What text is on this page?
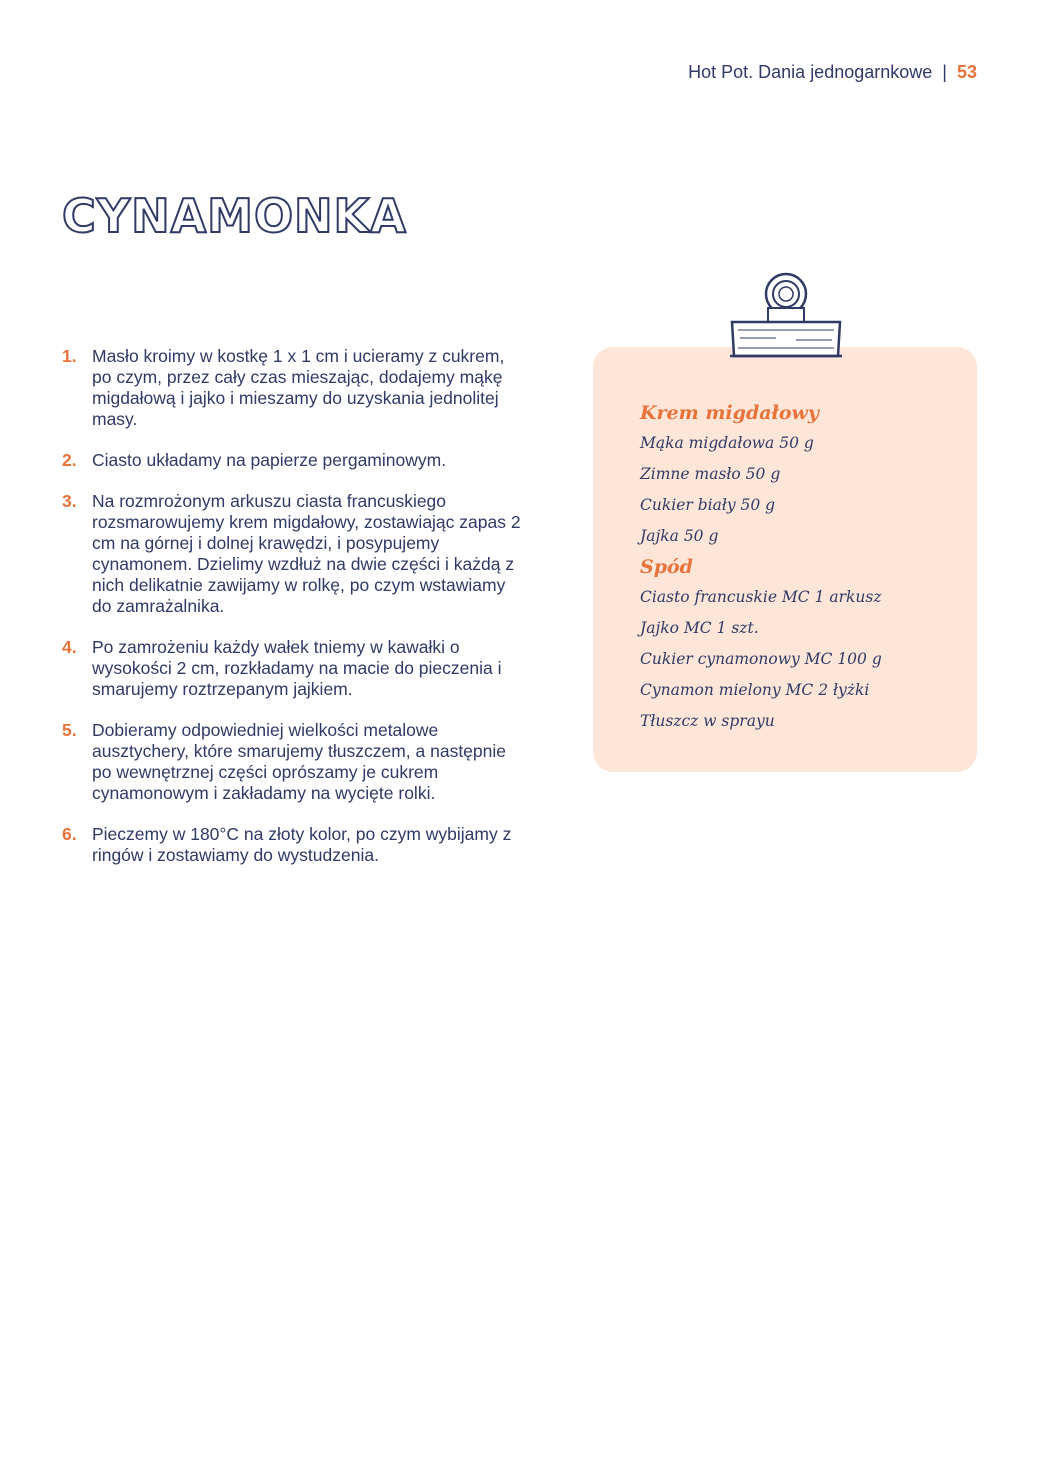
Hot Pot. Dania jednogarnkowe | 53
CYNAMONKA
1. Masło kroimy w kostkę 1 x 1 cm i ucieramy z cukrem, po czym, przez cały czas mieszając, dodajemy mąkę migdałową i jajko i mieszamy do uzyskania jednolitej masy.
2. Ciasto układamy na papierze pergaminowym.
3. Na rozmrożonym arkuszu ciasta francuskiego rozsmarowujemy krem migdałowy, zostawiając zapas 2 cm na górnej i dolnej krawędzi, i posypujemy cynamonem. Dzielimy wzdłuż na dwie części i każdą z nich delikatnie zawijamy w rolkę, po czym wstawiamy do zamrażalnika.
4. Po zamrożeniu każdy wałek tniemy w kawałki o wysokości 2 cm, rozkładamy na macie do pieczenia i smarujemy roztrzepanym jajkiem.
5. Dobieramy odpowiedniej wielkości metalowe ausztychery, które smarujemy tłuszczem, a następnie po wewnętrznej części oprószamy je cukrem cynamonowym i zakładamy na wycięte rolki.
6. Pieczemy w 180°C na złoty kolor, po czym wybijamy z ringów i zostawiamy do wystudzenia.
Krem migdałowy
Mąka migdałowa 50 g
Zimne masło 50 g
Cukier biały 50 g
Jajka 50 g
Spód
Ciasto francuskie MC 1 arkusz
Jajko MC 1 szt.
Cukier cynamonowy MC 100 g
Cynamon mielony MC 2 łyżki
Tłuszcz w sprayu
